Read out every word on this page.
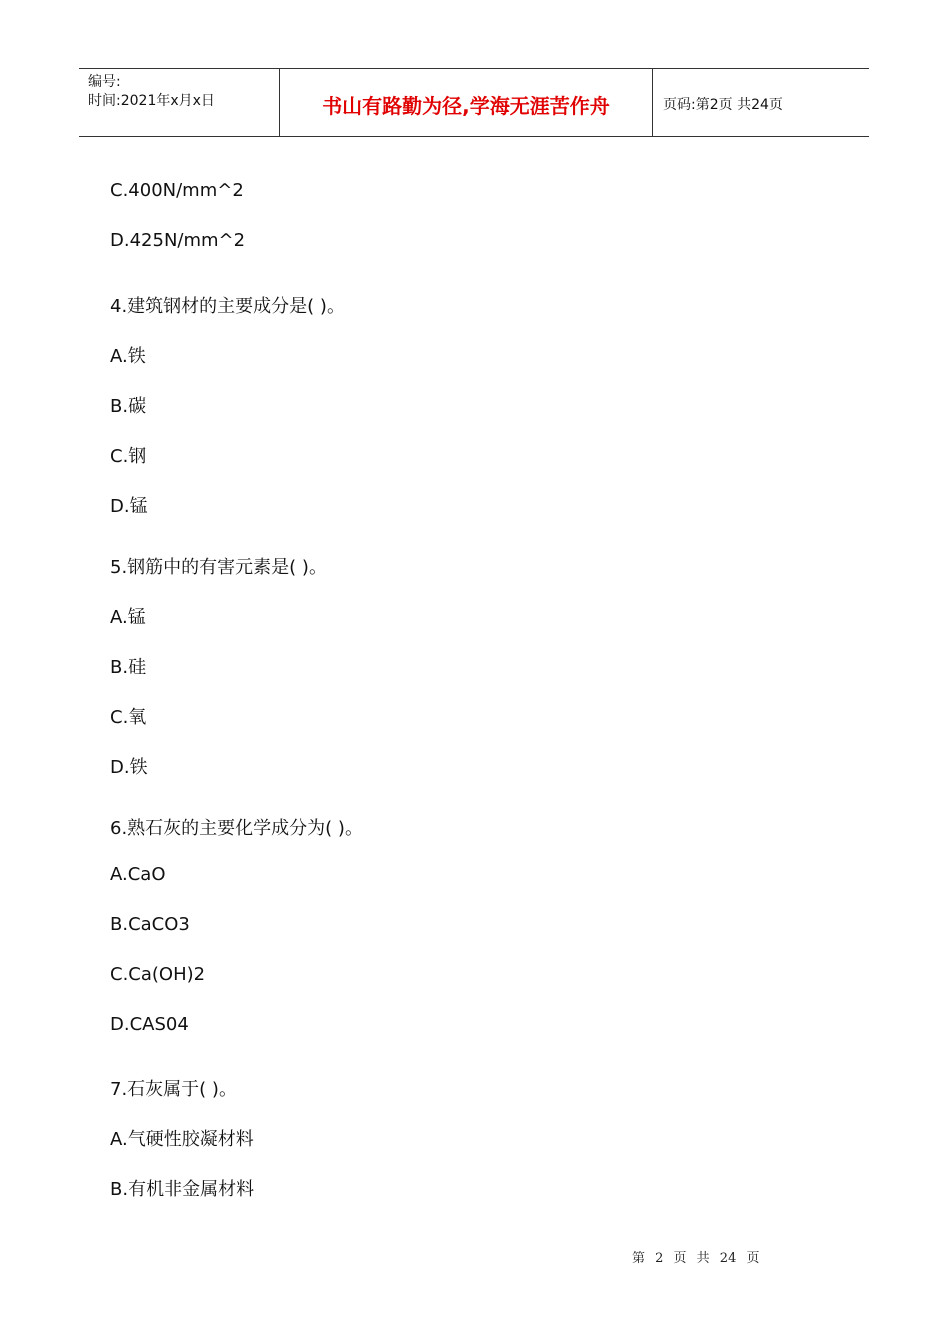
编号:
时间:2021年x月x日	书山有路勤为径,学海无涯苦作舟	页码:第2页 共24页
C.400N/mm^2
D.425N/mm^2
4.建筑钢材的主要成分是( )。
A.铁
B.碳
C.钢
D.锰
5.钢筋中的有害元素是( )。
A.锰
B.硅
C.氧
D.铁
6.熟石灰的主要化学成分为( )。
A.CaO
B.CaCO3
C.Ca(OH)2
D.CAS04
7.石灰属于( )。
A.气硬性胶凝材料
B.有机非金属材料
第 2 页 共 24 页
